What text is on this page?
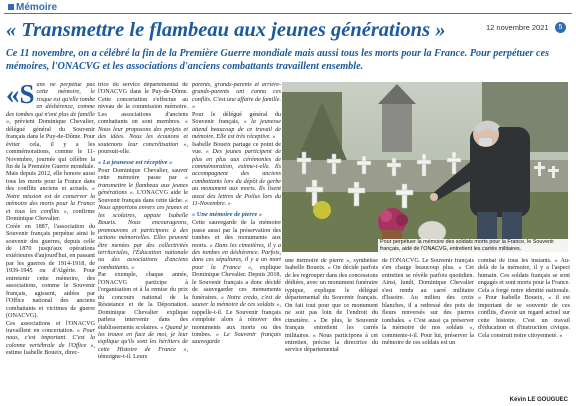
Mémoire
« Transmettre le flambeau aux jeunes générations »	12 novembre 2021	5

Ce 11 novembre, on a célébré la fin de la Première Guerre mondiale mais aussi tous les morts pour la France. Pour perpétuer ces mémoires, l'ONACVG et les associations d'anciens combattants travaillent ensemble.

«Sans ne perpétue pas cette mémoire, le risque est qu'elle tombe en déshérence, comme des tombes qui n'ont plus de famille », prévient Dominique Chevalier, délégué général du Souvenir français dans le Puy-de-Dôme. Pour éviter cela, il y a les commémorations, comme le 11-Novembre, journée qui célèbre la fin de la Première Guerre mondiale. Mais depuis 2012, elle honore aussi tous les morts pour la France dans des conflits anciens et actuels. « Notre mission est de conserver la mémoire des morts pour la France et tous les conflits », confirme Dominique Chevalier.

Créée en 1887, l'association du Souvenir français perpétue ainsi le souvenir des guerres, depuis celle de 1870 jusqu'aux opérations extérieures d'aujourd'hui, en passant par les guerres de 1914-1918, de 1939-1945 ou d'Algérie. Pour entretenir cette mémoire, des associations, comme le Souvenir français, agissent, aidées par l'Office national des anciens combattants et victimes de guerre (ONACVG).

Ces associations et l'ONACVG travaillent en concertation. « Pour nous, c'est important. C'est la colonne vertébrale de l'Office », estime Isabelle Boueix, direc-

trice du service départemental de l'ONACVG dans le Puy-de-Dôme. Cette concertation s'effectue au niveau de la commission mémoire. Les associations d'anciens combattants en sont membres. « Nous leur proposons des projets et des idées. Nous les écoutons et soutenons leur concrétisation », poursuit-elle.

« La jeunesse est réceptive »

Pour Dominique Chevalier, sauver cette mémoire passe par « transmettre le flambeau aux jeunes générations ». L'ONACVG aide le Souvenir français dans cette tâche. « Nous apportons envers ces jeunes et les scolaires, appuie Isabelle Boueix. Nous encourageons, promouvons et participons à des actions mémorielles. Elles peuvent être menées par des collectivités territoriales, l'Éducation nationale ou des associations d'anciens combattants. »

Par exemple, chaque année, l'ONACVG participe à l'organisation et à la remise du prix du concours national de la Résistance et de la Déportation. Dominique Chevalier explique parlera intervenir dans des établissements scolaires. « Quand je les trouve en face de moi, je leur explique qu'ils sont les héritiers de cette Histoire de France », témoigne-t-il. Leurs

parents, grands-parents et arrière-grands-parents ont connu ces conflits. C'est une affaire de famille. »

Pour le délégué général du Souvenir français, « la jeunesse attend beaucoup de ce travail de mémoire. Elle est très réceptive. »

Isabelle Boueix partage ce point de vue. « Des jeunes participent de plus en plus aux cérémonies de commémoration, estime-t-elle. Ils accompagnent des anciens combattants lors du dépôt de gerbe au monument aux morts. Ils lisent aussi des lettres de Poilus lors du 11-Novembre. »

« Une mémoire de pierre »

Cette sauvegarde de la mémoire passe aussi par la préservation des tombes et des monuments aux morts. « Dans les cimetières, il y a des tombes en déshérence. Parfois, dans ces sépultures, il y a un mort pour la France », explique Dominique Chevalier. Depuis 2018, le Souvenir français a donc décidé de sauvegarder ces monuments funéraires. « Notre credo, c'est de sauver la mémoire de ces soldats », rappelle-t-il. Le Souvenir français s'emploie alors à rénover des monuments aux morts ou des tombes. « Le Souvenir français sauvegarde

Pour perpétuer la mémoire des soldats morts pour la France, le Souvenir français, aidé de l'ONACVG, entretient les carrés militaires.

une mémoire de pierre », synthétise Isabelle Boueix. « On décide parfois de les regrouper dans des concessions dédiées, avec un monument funéraire typique, explique le délégué départemental du Souvenir français. On fait tout pour que ce monument ne soit pas loin de l'endroit du cimetière. » De plus, le Souvenir français entretient les carrés militaires. « Nous participons à cet entretien, précise la directrice du service départemental

de l'ONACVG. Le Souvenir français s'en charge beaucoup plus. » Cet entretien se révèle parfois quotidien. Ainsi, lundi, Dominique Chevalier s'est rendu au carré militaire d'Issoire. Au milieu des croix blanches, il a redressé des pots de fleurs renversés sur des pierres tombales. « C'est aussi ça préserver la mémoire de nos soldats », commente-t-il. Pour lui, préserver la mémoire de ces soldats est un

combat de tous les instants. « Au-delà de la mémoire, il y a l'aspect humain. Ces soldats français se sont engagés et sont morts pour la France. Cela a forgé notre identité nationale. » Pour Isabelle Boueix, « il est important de se souvenir de ces conflits, d'avoir un regard actuel sur cette histoire. C'est un travail d'éducation et d'instruction civique. Cela construit notre citoyenneté. »

Kévin LE GOUGUEC
